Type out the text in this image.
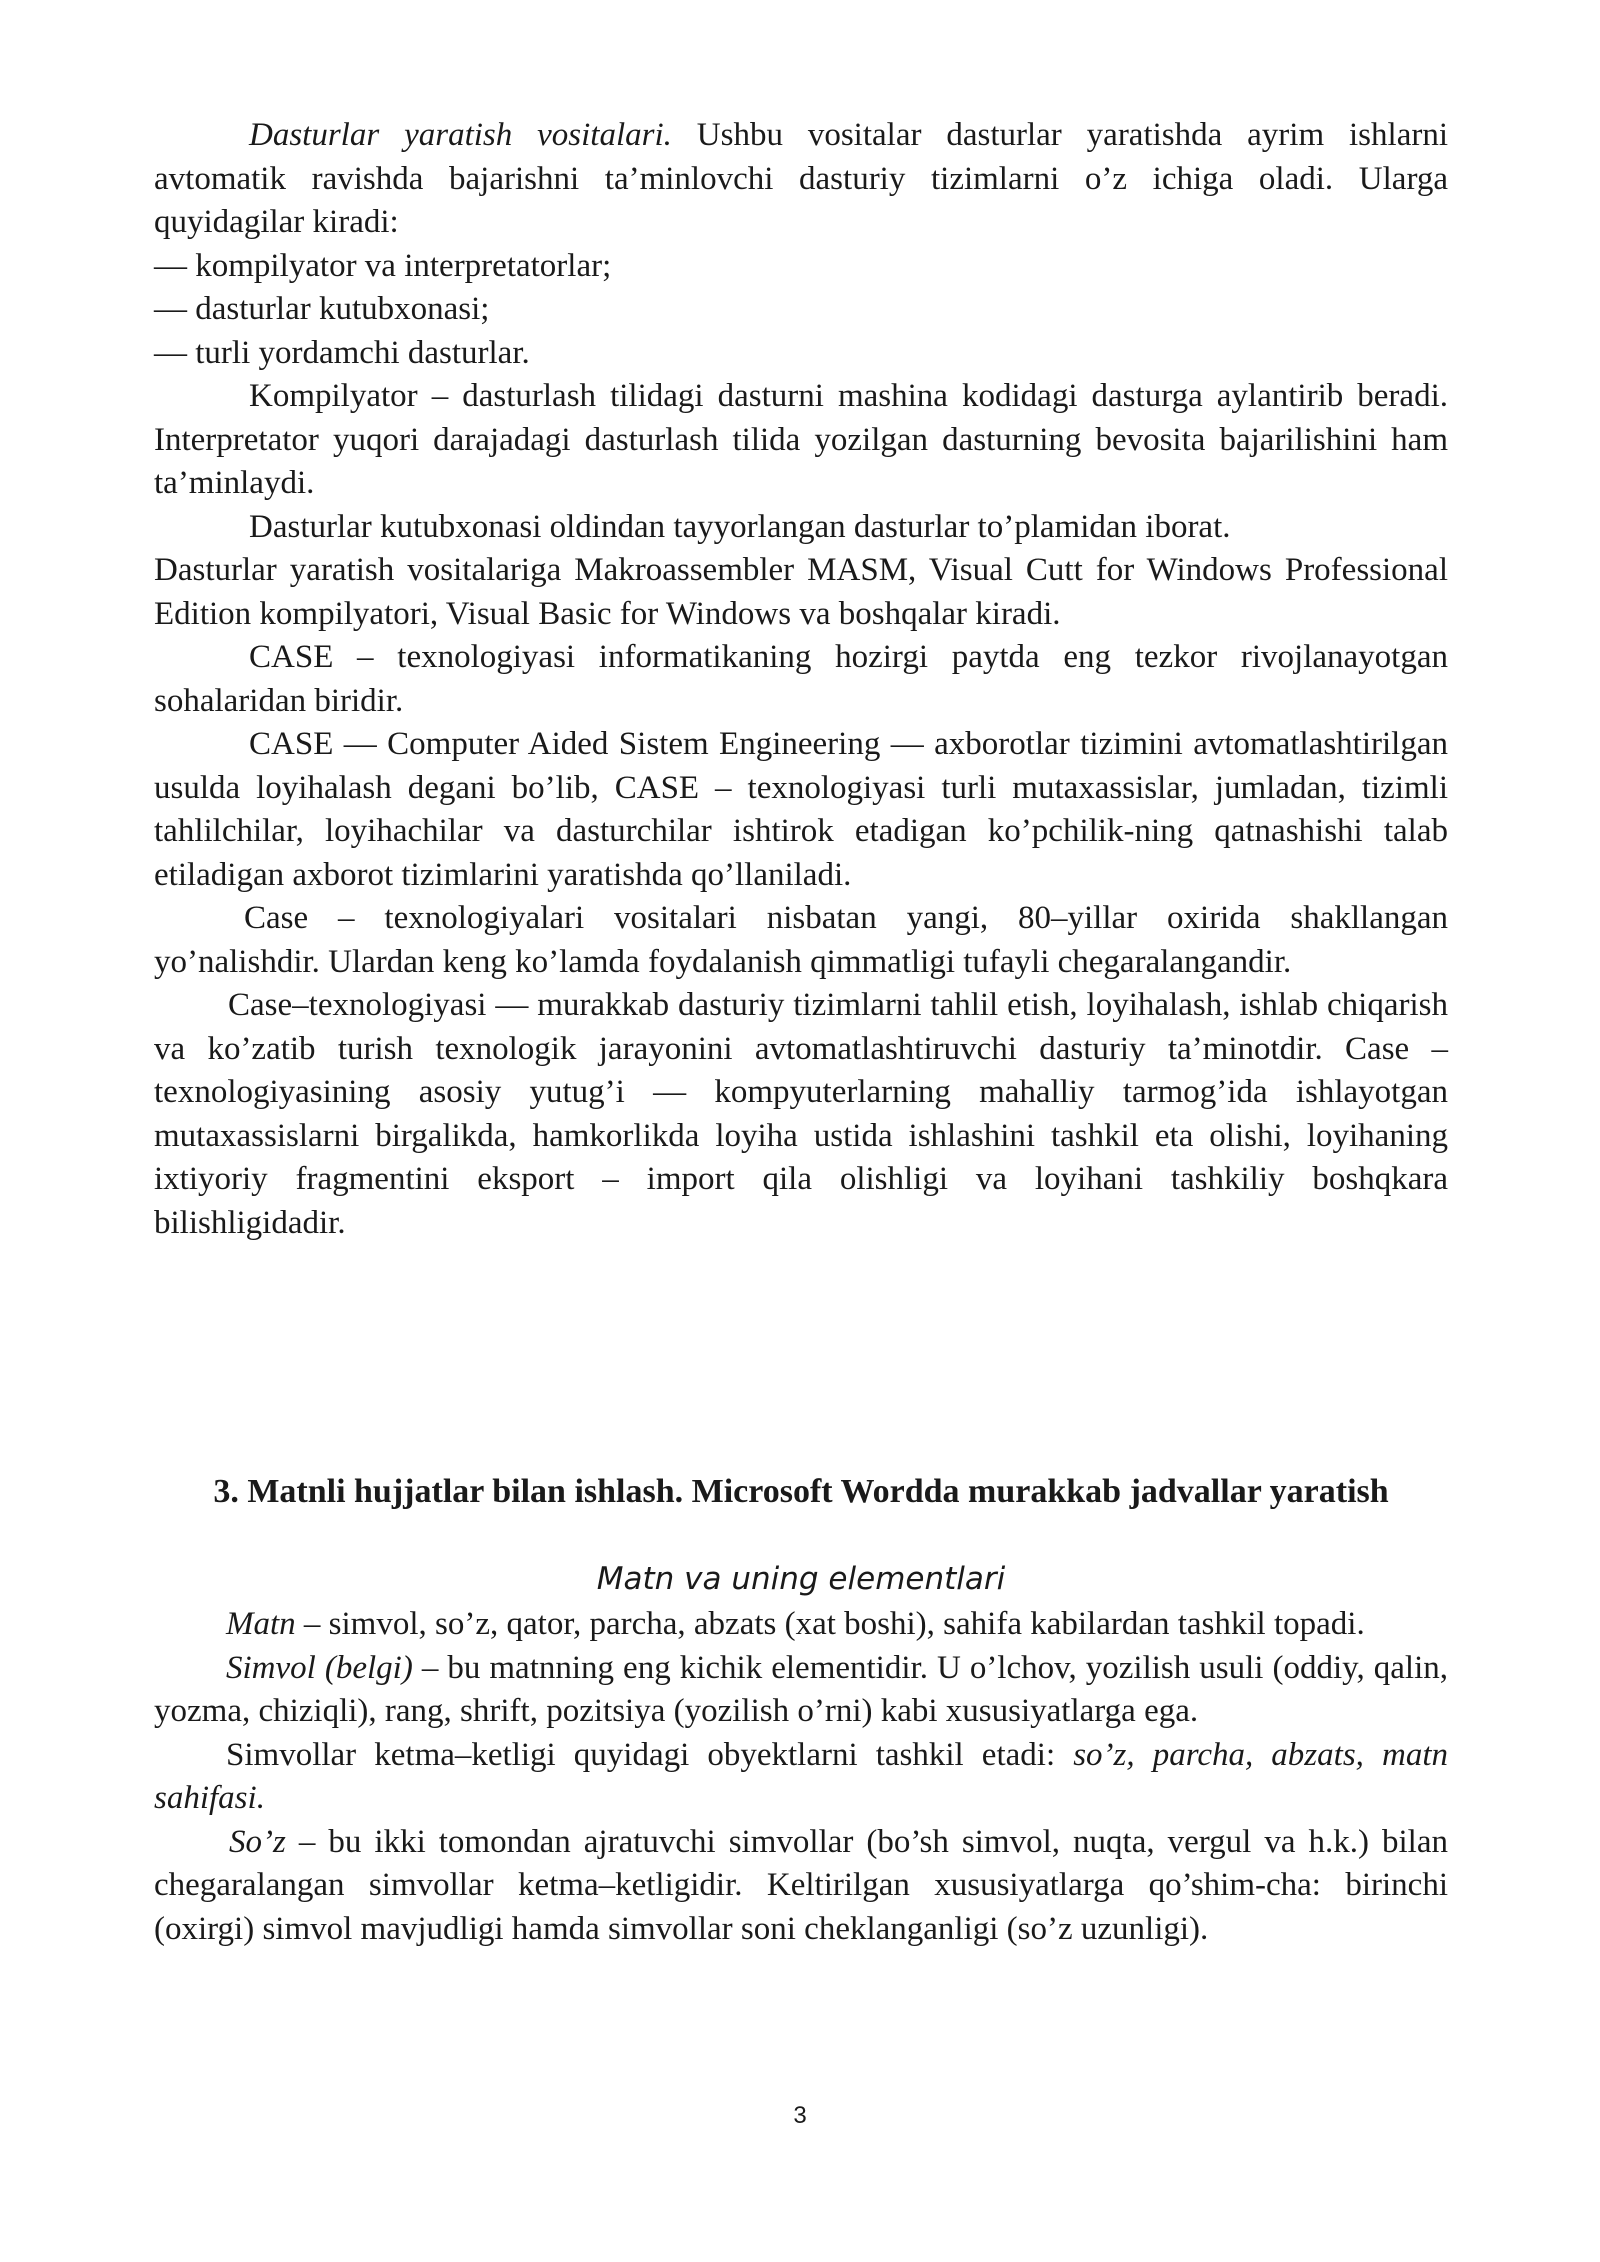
Dasturlar yaratish vositalari. Ushbu vositalar dasturlar yaratishda ayrim ishlarni avtomatik ravishda bajarishni ta’minlovchi dasturiy tizimlarni o’z ichiga oladi. Ularga quyidagilar kiradi:

— kompilyator va interpretatorlar;

— dasturlar kutubxonasi;

— turli yordamchi dasturlar.

Kompilyator – dasturlash tilidagi dasturni mashina kodidagi dasturga aylantirib beradi. Interpretator yuqori darajadagi dasturlash tilida yozilgan dasturning bevosita bajarilishini ham ta’minlaydi.

Dasturlar kutubxonasi oldindan tayyorlangan dasturlar to’plamidan iborat.

Dasturlar yaratish vositalariga Makroassembler MASM, Visual Cutt for Windows Professional Edition kompilyatori, Visual Basic for Windows va boshqalar kiradi.

CASE – texnologiyasi informatikaning hozirgi paytda eng tezkor rivojlanayotgan sohalaridan biridir.

CASE — Computer Aided Sistem Engineering — axborotlar tizimini avtomatlashtirilgan usulda loyihalash degani bo’lib, CASE – texnologiyasi turli mutaxassislar, jumladan, tizimli tahlilchilar, loyihachilar va dasturchilar ishtirok etadigan ko’pchilik-ning qatnashishi talab etiladigan axborot tizimlarini yaratishda qo’llaniladi.

Case – texnologiyalari vositalari nisbatan yangi, 80–yillar oxirida shakllangan yo’nalishdir. Ulardan keng ko’lamda foydalanish qimmatligi tufayli chegaralangandir.

Case–texnologiyasi — murakkab dasturiy tizimlarni tahlil etish, loyihalash, ishlab chiqarish va ko’zatib turish texnologik jarayonini avtomatlashtiruvchi dasturiy ta’minotdir. Case – texnologiyasining asosiy yutug’i — kompyuterlarning mahalliy tarmog’ida ishlayotgan mutaxassislarni birgalikda, hamkorlikda loyiha ustida ishlashini tashkil eta olishi, loyihaning ixtiyoriy fragmentini eksport – import qila olishligi va loyihani tashkiliy boshqkara bilishligidadir.

3. Matnli hujjatlar bilan ishlash. Microsoft Wordda murakkab jadvallar yaratish
Matn va uning elementlari

Matn – simvol, so’z, qator, parcha, abzats (xat boshi), sahifa kabilardan tashkil topadi.

Simvol (belgi) – bu matnning eng kichik elementidir. U o’lchov, yozilish usuli (oddiy, qalin, yozma, chiziqli), rang, shrift, pozitsiya (yozilish o’rni) kabi xususiyatlarga ega.

Simvollar ketma–ketligi quyidagi obyektlarni tashkil etadi: so’z, parcha, abzats, matn sahifasi.

So’z – bu ikki tomondan ajratuvchi simvollar (bo’sh simvol, nuqta, vergul va h.k.) bilan chegaralangan simvollar ketma–ketligidir. Keltirilgan xususiyatlarga qo’shim-cha: birinchi (oxirgi) simvol mavjudligi hamda simvollar soni cheklanganligi (so’z uzunligi).

3
